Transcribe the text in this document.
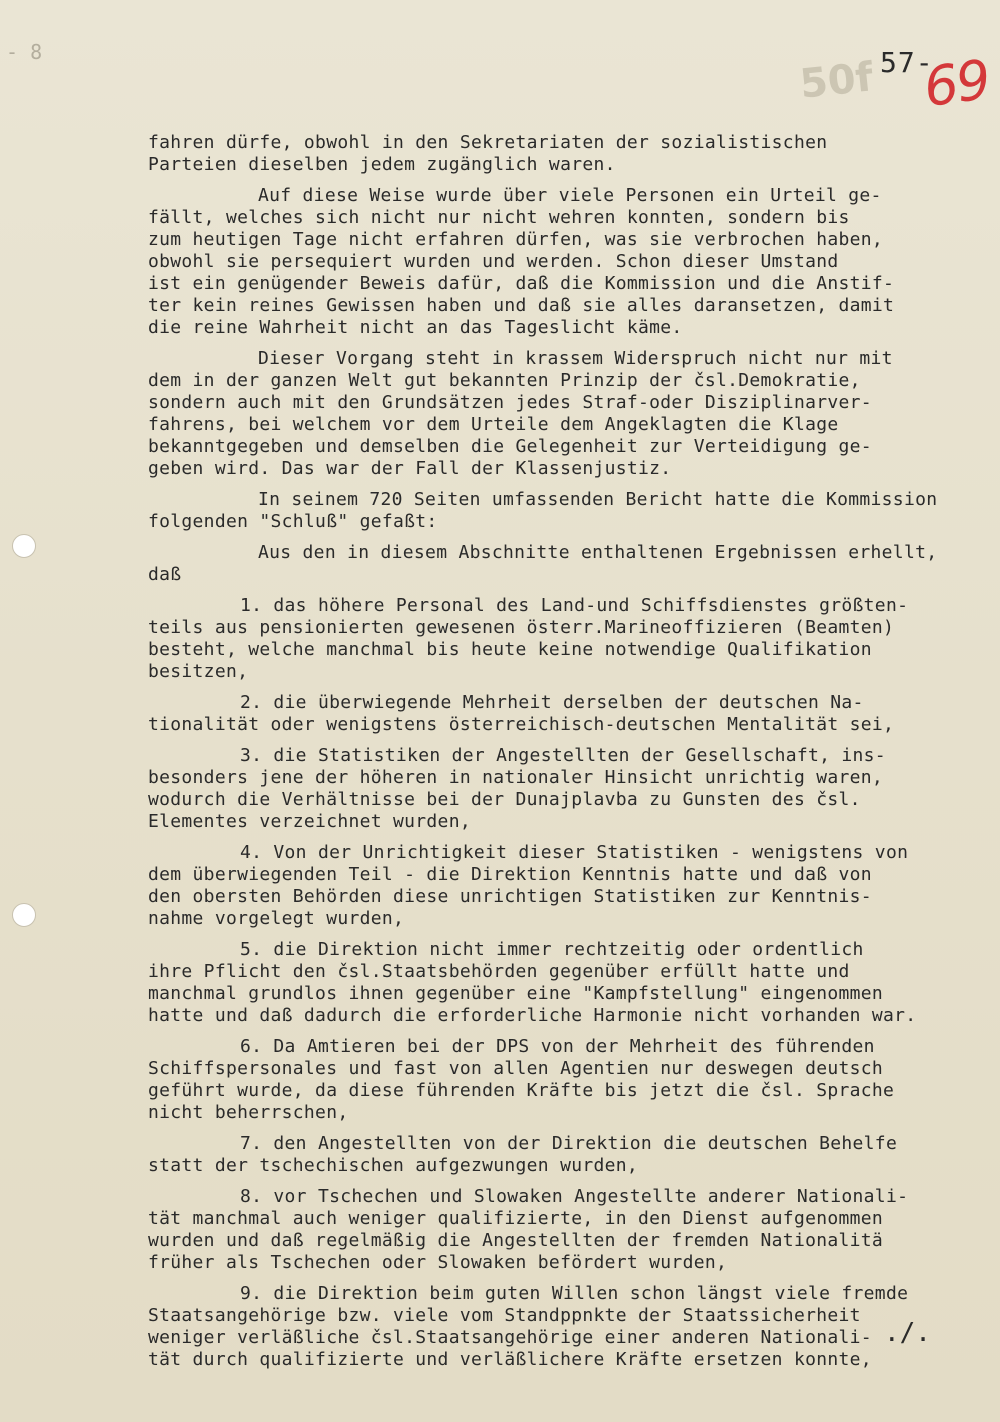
- 8
50f 57-
69
fahren dürfe, obwohl in den Sekretariaten der sozialistischen
Parteien dieselben jedem zugänglich waren.
Auf diese Weise wurde über viele Personen ein Urteil ge-
fällt, welches sich nicht nur nicht wehren konnten, sondern bis
zum heutigen Tage nicht erfahren dürfen, was sie verbrochen haben,
obwohl sie persequiert wurden und werden. Schon dieser Umstand
ist ein genügender Beweis dafür, daß die Kommission und die Anstif-
ter kein reines Gewissen haben und daß sie alles daransetzen, damit
die reine Wahrheit nicht an das Tageslicht käme.
Dieser Vorgang steht in krassem Widerspruch nicht nur mit
dem in der ganzen Welt gut bekannten Prinzip der čsl.Demokratie,
sondern auch mit den Grundsätzen jedes Straf-oder Disziplinarver-
fahrens, bei welchem vor dem Urteile dem Angeklagten die Klage
bekanntgegeben und demselben die Gelegenheit zur Verteidigung ge-
geben wird. Das war der Fall der Klassenjustiz.
In seinem 720 Seiten umfassenden Bericht hatte die Kommission
folgenden "Schluß" gefaßt:
Aus den in diesem Abschnitte enthaltenen Ergebnissen erhellt,
daß
1. das höhere Personal des Land-und Schiffsdienstes größten-
teils aus pensionierten gewesenen österr.Marineoffizieren (Beamten)
besteht, welche manchmal bis heute keine notwendige Qualifikation
besitzen,
2. die überwiegende Mehrheit derselben der deutschen Na-
tionalität oder wenigstens österreichisch-deutschen Mentalität sei,
3. die Statistiken der Angestellten der Gesellschaft, ins-
besonders jene der höheren in nationaler Hinsicht unrichtig waren,
wodurch die Verhältnisse bei der Dunajplavba zu Gunsten des čsl.
Elementes verzeichnet wurden,
4. Von der Unrichtigkeit dieser Statistiken - wenigstens von
dem überwiegenden Teil - die Direktion Kenntnis hatte und daß von
den obersten Behörden diese unrichtigen Statistiken zur Kenntnis-
nahme vorgelegt wurden,
5. die Direktion nicht immer rechtzeitig oder ordentlich
ihre Pflicht den čsl.Staatsbehörden gegenüber erfüllt hatte und
manchmal grundlos ihnen gegenüber eine "Kampfstellung" eingenommen
hatte und daß dadurch die erforderliche Harmonie nicht vorhanden war.
6. Da Amtieren bei der DPS von der Mehrheit des führenden
Schiffspersonales und fast von allen Agentien nur deswegen deutsch
geführt wurde, da diese führenden Kräfte bis jetzt die čsl. Sprache
nicht beherrschen,
7. den Angestellten von der Direktion die deutschen Behelfe
statt der tschechischen aufgezwungen wurden,
8. vor Tschechen und Slowaken Angestellte anderer Nationali-
tät manchmal auch weniger qualifizierte, in den Dienst aufgenommen
wurden und daß regelmäßig die Angestellten der fremden Nationalitä
früher als Tschechen oder Slowaken befördert wurden,
9. die Direktion beim guten Willen schon längst viele fremde
Staatsangehörige bzw. viele vom Standppnkte der Staatssicherheit
weniger verläßliche čsl.Staatsangehörige einer anderen Nationali-
tät durch qualifizierte und verläßlichere Kräfte ersetzen konnte,
./.
